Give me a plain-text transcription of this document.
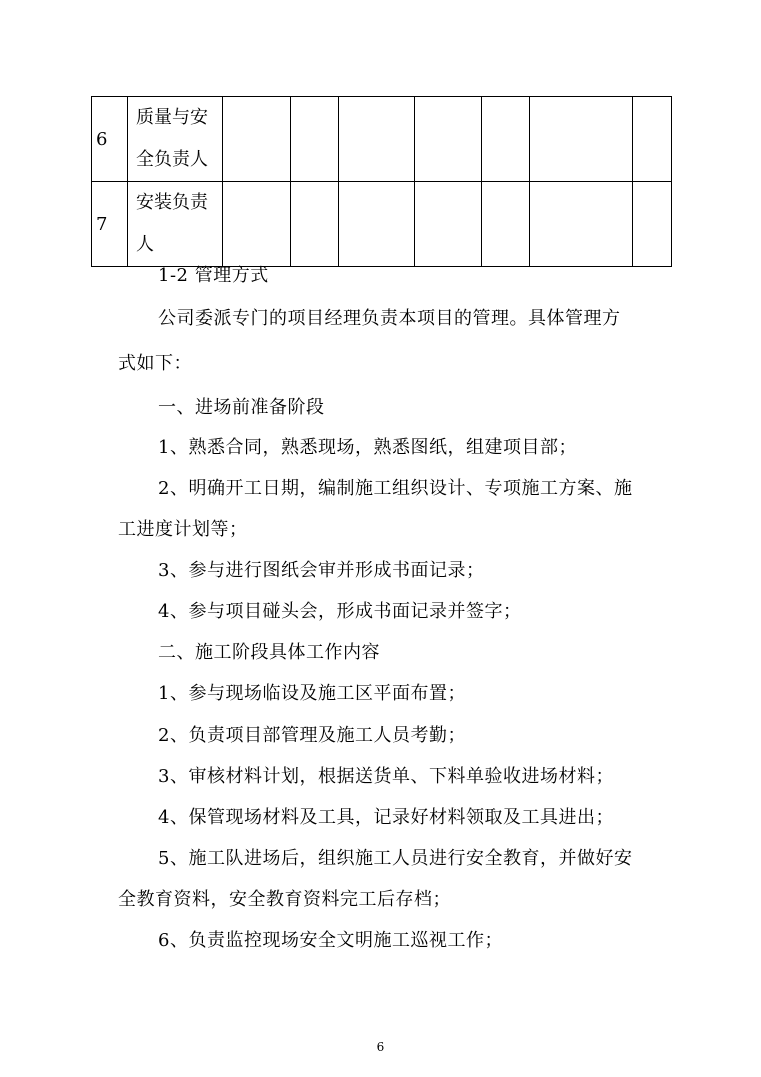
6	质量与安全负责人							
7	安装负责人							
1-2 管理方式
公司委派专门的项目经理负责本项目的管理。具体管理方
式如下：
一、进场前准备阶段
1、熟悉合同，熟悉现场，熟悉图纸，组建项目部；
2、明确开工日期，编制施工组织设计、专项施工方案、施
工进度计划等；
3、参与进行图纸会审并形成书面记录；
4、参与项目碰头会，形成书面记录并签字；
二、施工阶段具体工作内容
1、参与现场临设及施工区平面布置；
2、负责项目部管理及施工人员考勤；
3、审核材料计划，根据送货单、下料单验收进场材料；
4、保管现场材料及工具，记录好材料领取及工具进出；
5、施工队进场后，组织施工人员进行安全教育，并做好安
全教育资料，安全教育资料完工后存档；
6、负责监控现场安全文明施工巡视工作；
6
